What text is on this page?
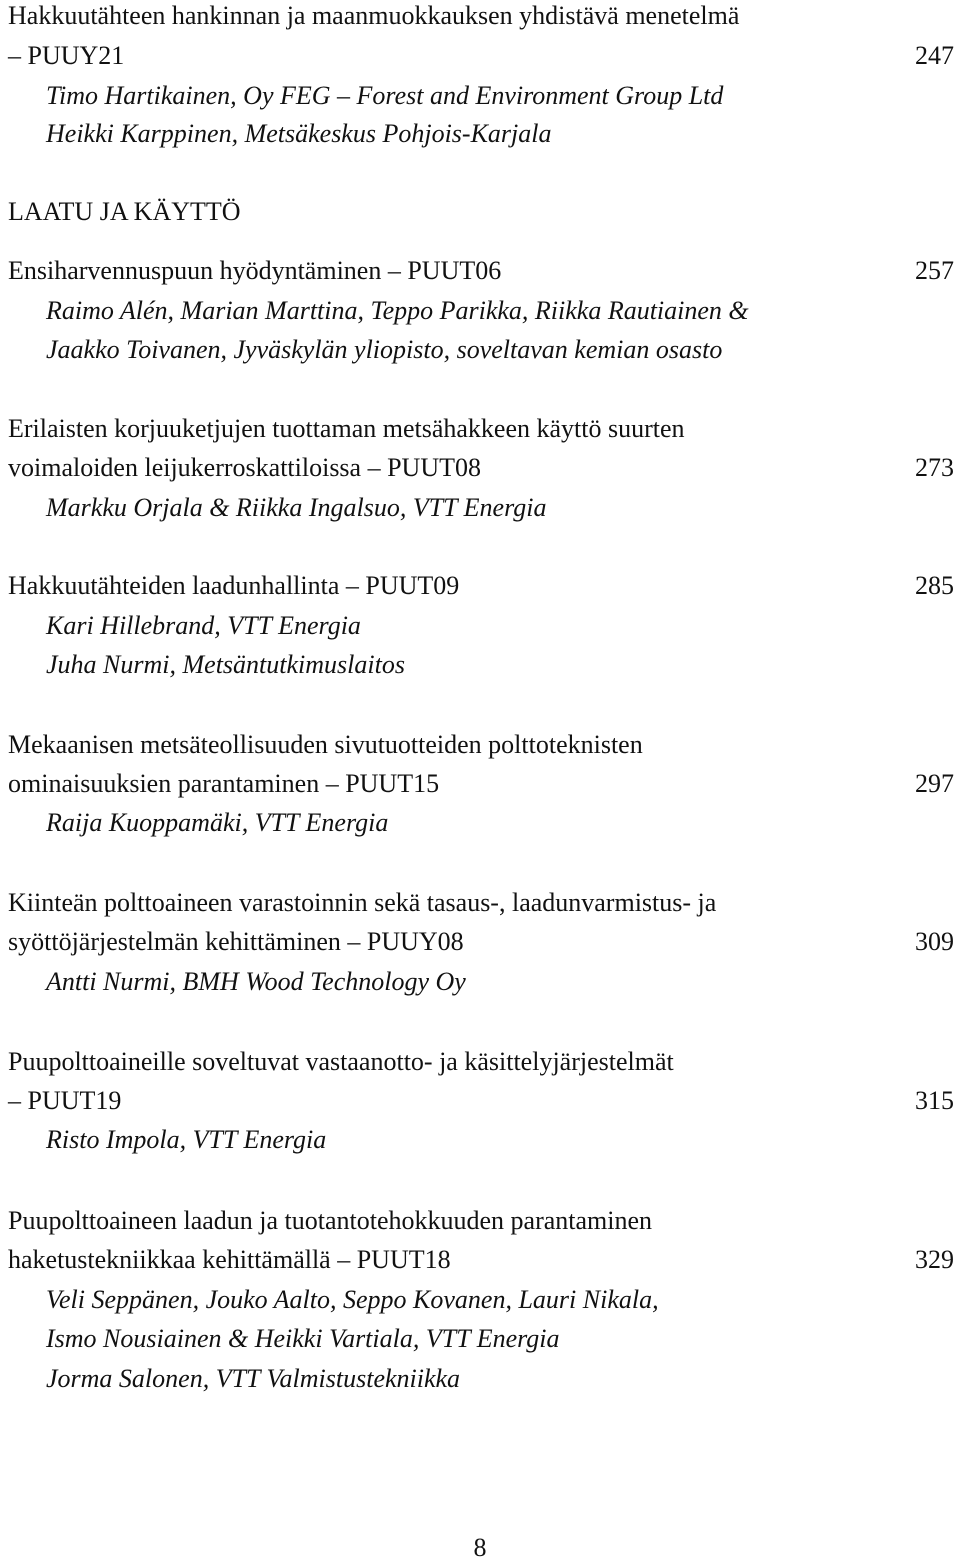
Hakkuutähteen hankinnan ja maanmuokkauksen yhdistävä menetelmä
– PUUY21	247
Timo Hartikainen, Oy FEG – Forest and Environment Group Ltd
Heikki Karppinen, Metsäkeskus Pohjois-Karjala
LAATU JA KÄYTTÖ
Ensiharvennuspuun hyödyntäminen – PUUT06	257
Raimo Alén, Marian Marttina, Teppo Parikka, Riikka Rautiainen &
Jaakko Toivanen, Jyväskylän yliopisto, soveltavan kemian osasto
Erilaisten korjuuketjujen tuottaman metsähakkeen käyttö suurten
voimaloiden leijukerroskattiloissa – PUUT08	273
Markku Orjala & Riikka Ingalsuo, VTT Energia
Hakkuutähteiden laadunhallinta – PUUT09	285
Kari Hillebrand, VTT Energia
Juha Nurmi, Metsäntutkimuslaitos
Mekaanisen metsäteollisuuden sivutuotteiden polttoteknisten
ominaisuuksien parantaminen – PUUT15	297
Raija Kuoppamäki, VTT Energia
Kiinteän polttoaineen varastoinnin sekä tasaus-, laadunvarmistus- ja
syöttöjärjestelmän kehittäminen – PUUY08	309
Antti Nurmi, BMH Wood Technology Oy
Puupolttoaineille soveltuvat vastaanotto- ja käsittelyjärjestelmät
– PUUT19	315
Risto Impola, VTT Energia
Puupolttoaineen laadun ja tuotantotehokkuuden parantaminen
haketustekniikkaa kehittämällä – PUUT18	329
Veli Seppänen, Jouko Aalto, Seppo Kovanen, Lauri Nikala,
Ismo Nousiainen & Heikki Vartiala, VTT Energia
Jorma Salonen, VTT Valmistustekniikka
8
